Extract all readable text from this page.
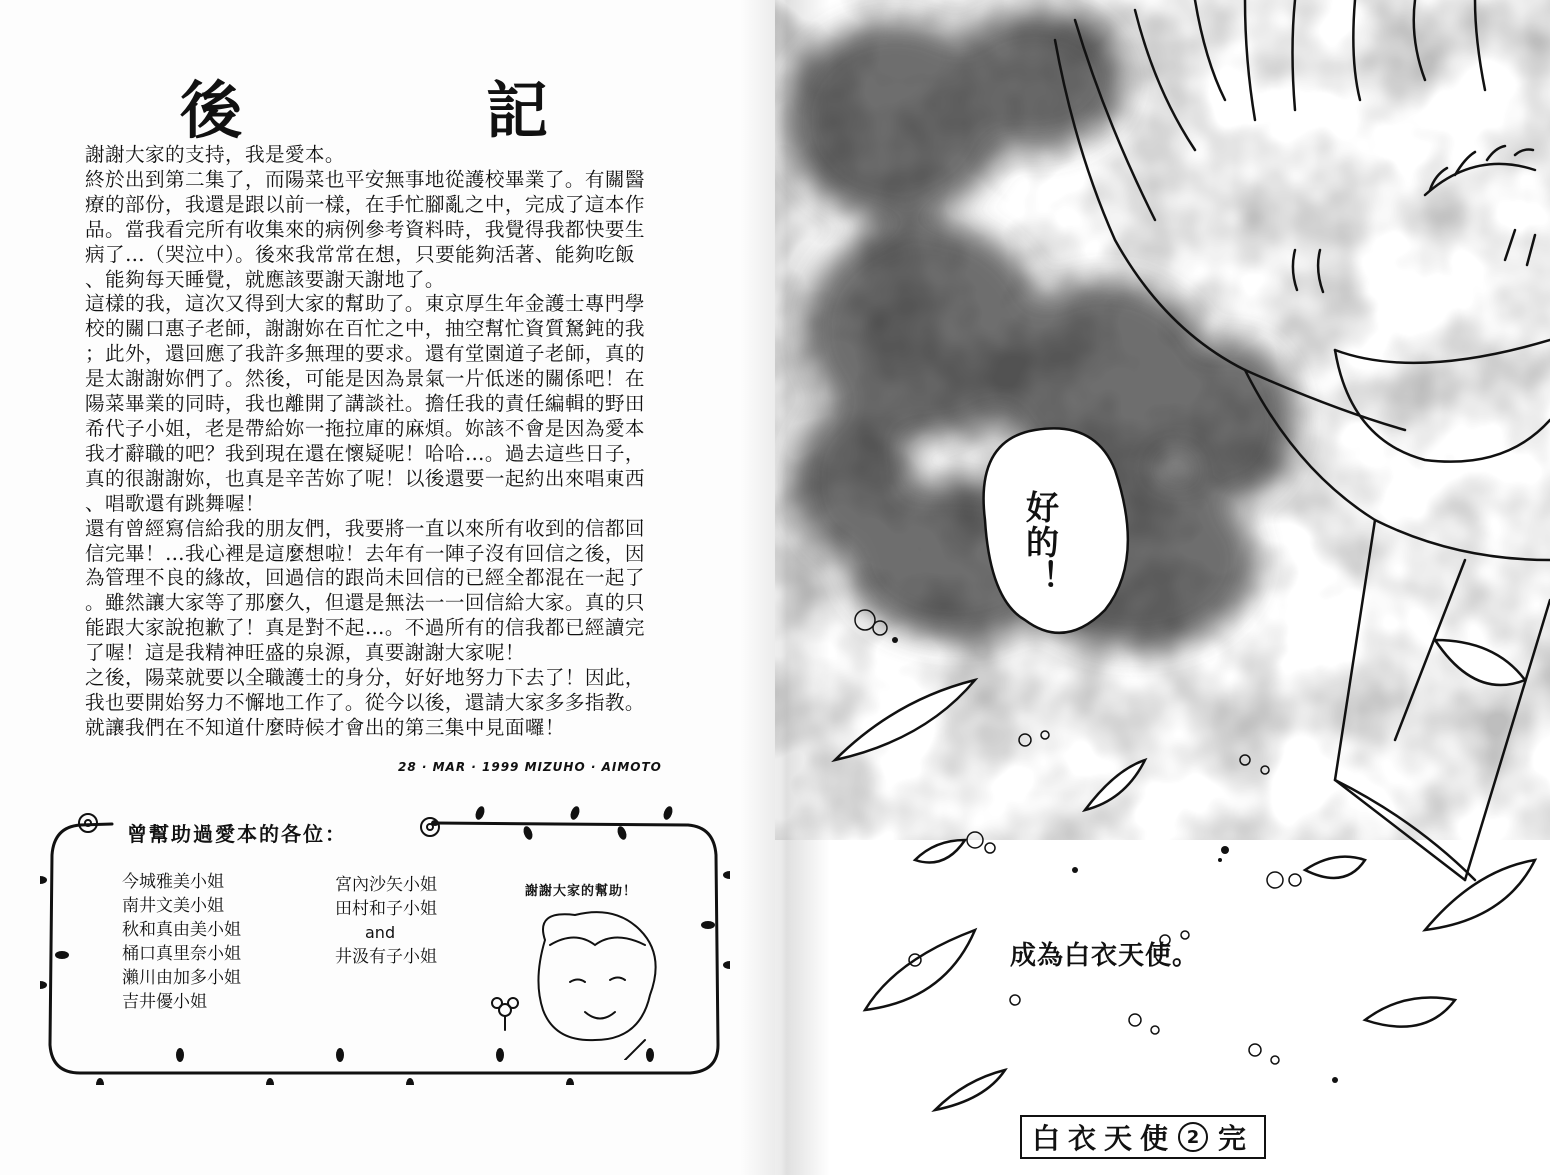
後	記
謝謝大家的支持，我是愛本。
終於出到第二集了，而陽菜也平安無事地從護校畢業了。有關醫
療的部份，我還是跟以前一樣，在手忙腳亂之中，完成了這本作
品。當我看完所有收集來的病例參考資料時，我覺得我都快要生
病了…（哭泣中）。後來我常常在想，只要能夠活著、能夠吃飯
、能夠每天睡覺，就應該要謝天謝地了。
這樣的我，這次又得到大家的幫助了。東京厚生年金護士專門學
校的關口惠子老師，謝謝妳在百忙之中，抽空幫忙資質駑鈍的我
；此外，還回應了我許多無理的要求。還有堂園道子老師，真的
是太謝謝妳們了。然後，可能是因為景氣一片低迷的關係吧！在
陽菜畢業的同時，我也離開了講談社。擔任我的責任編輯的野田
希代子小姐，老是帶給妳一拖拉庫的麻煩。妳該不會是因為愛本
我才辭職的吧？我到現在還在懷疑呢！哈哈…。過去這些日子，
真的很謝謝妳，也真是辛苦妳了呢！以後還要一起約出來唱東西
、唱歌還有跳舞喔！
還有曾經寫信給我的朋友們，我要將一直以來所有收到的信都回
信完畢！…我心裡是這麼想啦！去年有一陣子沒有回信之後，因
為管理不良的緣故，回過信的跟尚未回信的已經全都混在一起了
。雖然讓大家等了那麼久，但還是無法一一回信給大家。真的只
能跟大家說抱歉了！真是對不起…。不過所有的信我都已經讀完
了喔！這是我精神旺盛的泉源，真要謝謝大家呢！
之後，陽菜就要以全職護士的身分，好好地努力下去了！因此，
我也要開始努力不懈地工作了。從今以後，還請大家多多指教。
就讓我們在不知道什麼時候才會出的第三集中見面囉！
28 · MAR · 1999 MIZUHO · AIMOTO
曾幫助過愛本的各位：
今城雅美小姐
南井文美小姐
秋和真由美小姐
桶口真里奈小姐
瀨川由加多小姐
吉井優小姐
宮內沙矢小姐
田村和子小姐
and
井汲有子小姐
謝謝大家的幫助！
好的！
成為白衣天使。
白衣天使 2 完
